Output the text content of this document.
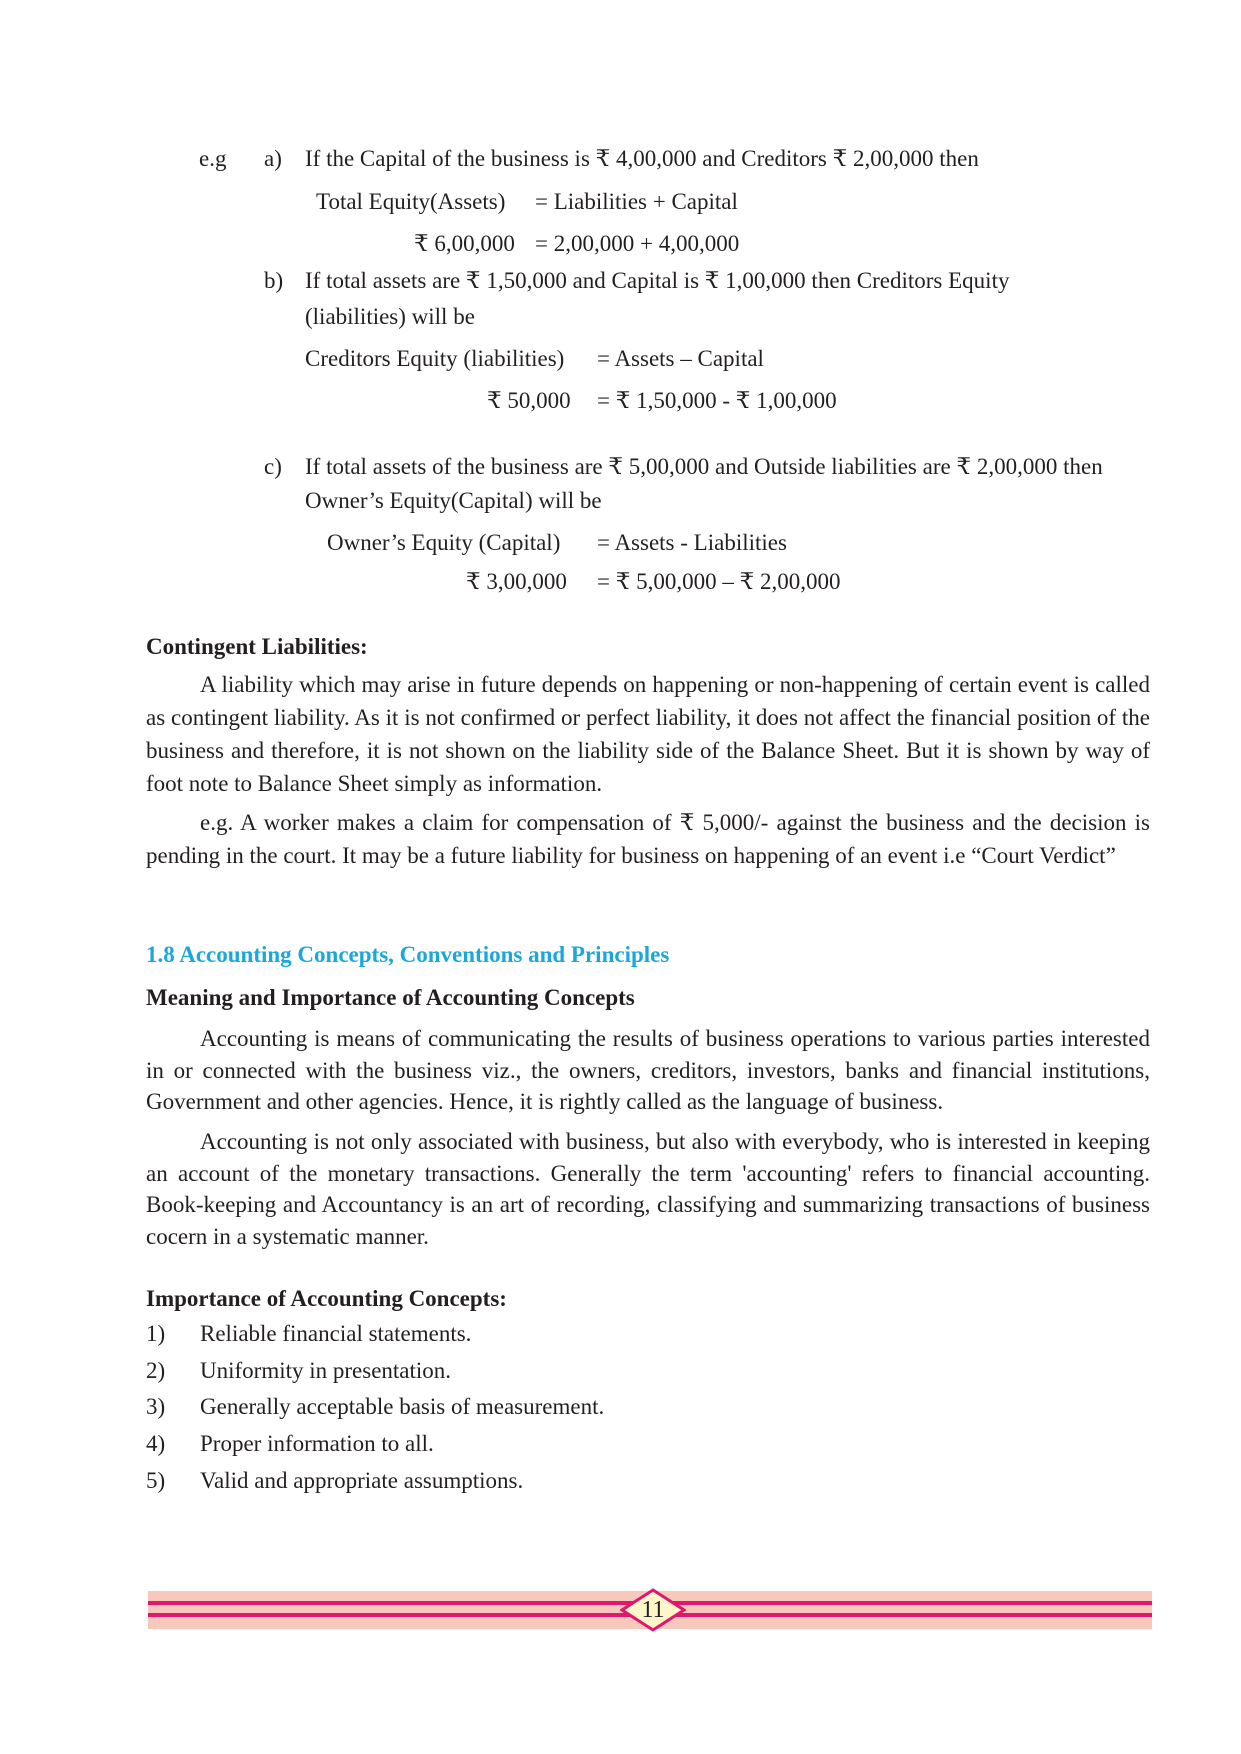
e.g a) If the Capital of the business is ₹ 4,00,000 and Creditors ₹ 2,00,000 then
Total Equity(Assets) = Liabilities + Capital
₹ 6,00,000 = 2,00,000 + 4,00,000
b) If total assets are ₹ 1,50,000 and Capital is ₹ 1,00,000 then Creditors Equity
(liabilities) will be
Creditors Equity (liabilities) = Assets – Capital
₹ 50,000 = ₹ 1,50,000 - ₹ 1,00,000
c) If total assets of the business are ₹ 5,00,000 and Outside liabilities are ₹ 2,00,000 then
Owner’s Equity(Capital) will be
Owner’s Equity (Capital) = Assets - Liabilities
₹ 3,00,000 = ₹ 5,00,000 – ₹ 2,00,000
Contingent Liabilities:
A liability which may arise in future depends on happening or non-happening of certain event is called as contingent liability. As it is not confirmed or perfect liability, it does not affect the financial position of the business and therefore, it is not shown on the liability side of the Balance Sheet. But it is shown by way of foot note to Balance Sheet simply as information.
e.g. A worker makes a claim for compensation of ₹ 5,000/- against the business and the decision is pending in the court. It may be a future liability for business on happening of an event i.e “Court Verdict”
1.8 Accounting Concepts, Conventions and Principles
Meaning and Importance of Accounting Concepts
Accounting is means of communicating the results of business operations to various parties interested in or connected with the business viz., the owners, creditors, investors, banks and financial institutions, Government and other agencies. Hence, it is rightly called as the language of business.
Accounting is not only associated with business, but also with everybody, who is interested in keeping an account of the monetary transactions. Generally the term 'accounting' refers to financial accounting. Book-keeping and Accountancy is an art of recording, classifying and summarizing transactions of business cocern in a systematic manner.
Importance of Accounting Concepts:
1) Reliable financial statements.
2) Uniformity in presentation.
3) Generally acceptable basis of measurement.
4) Proper information to all.
5) Valid and appropriate assumptions.
11
